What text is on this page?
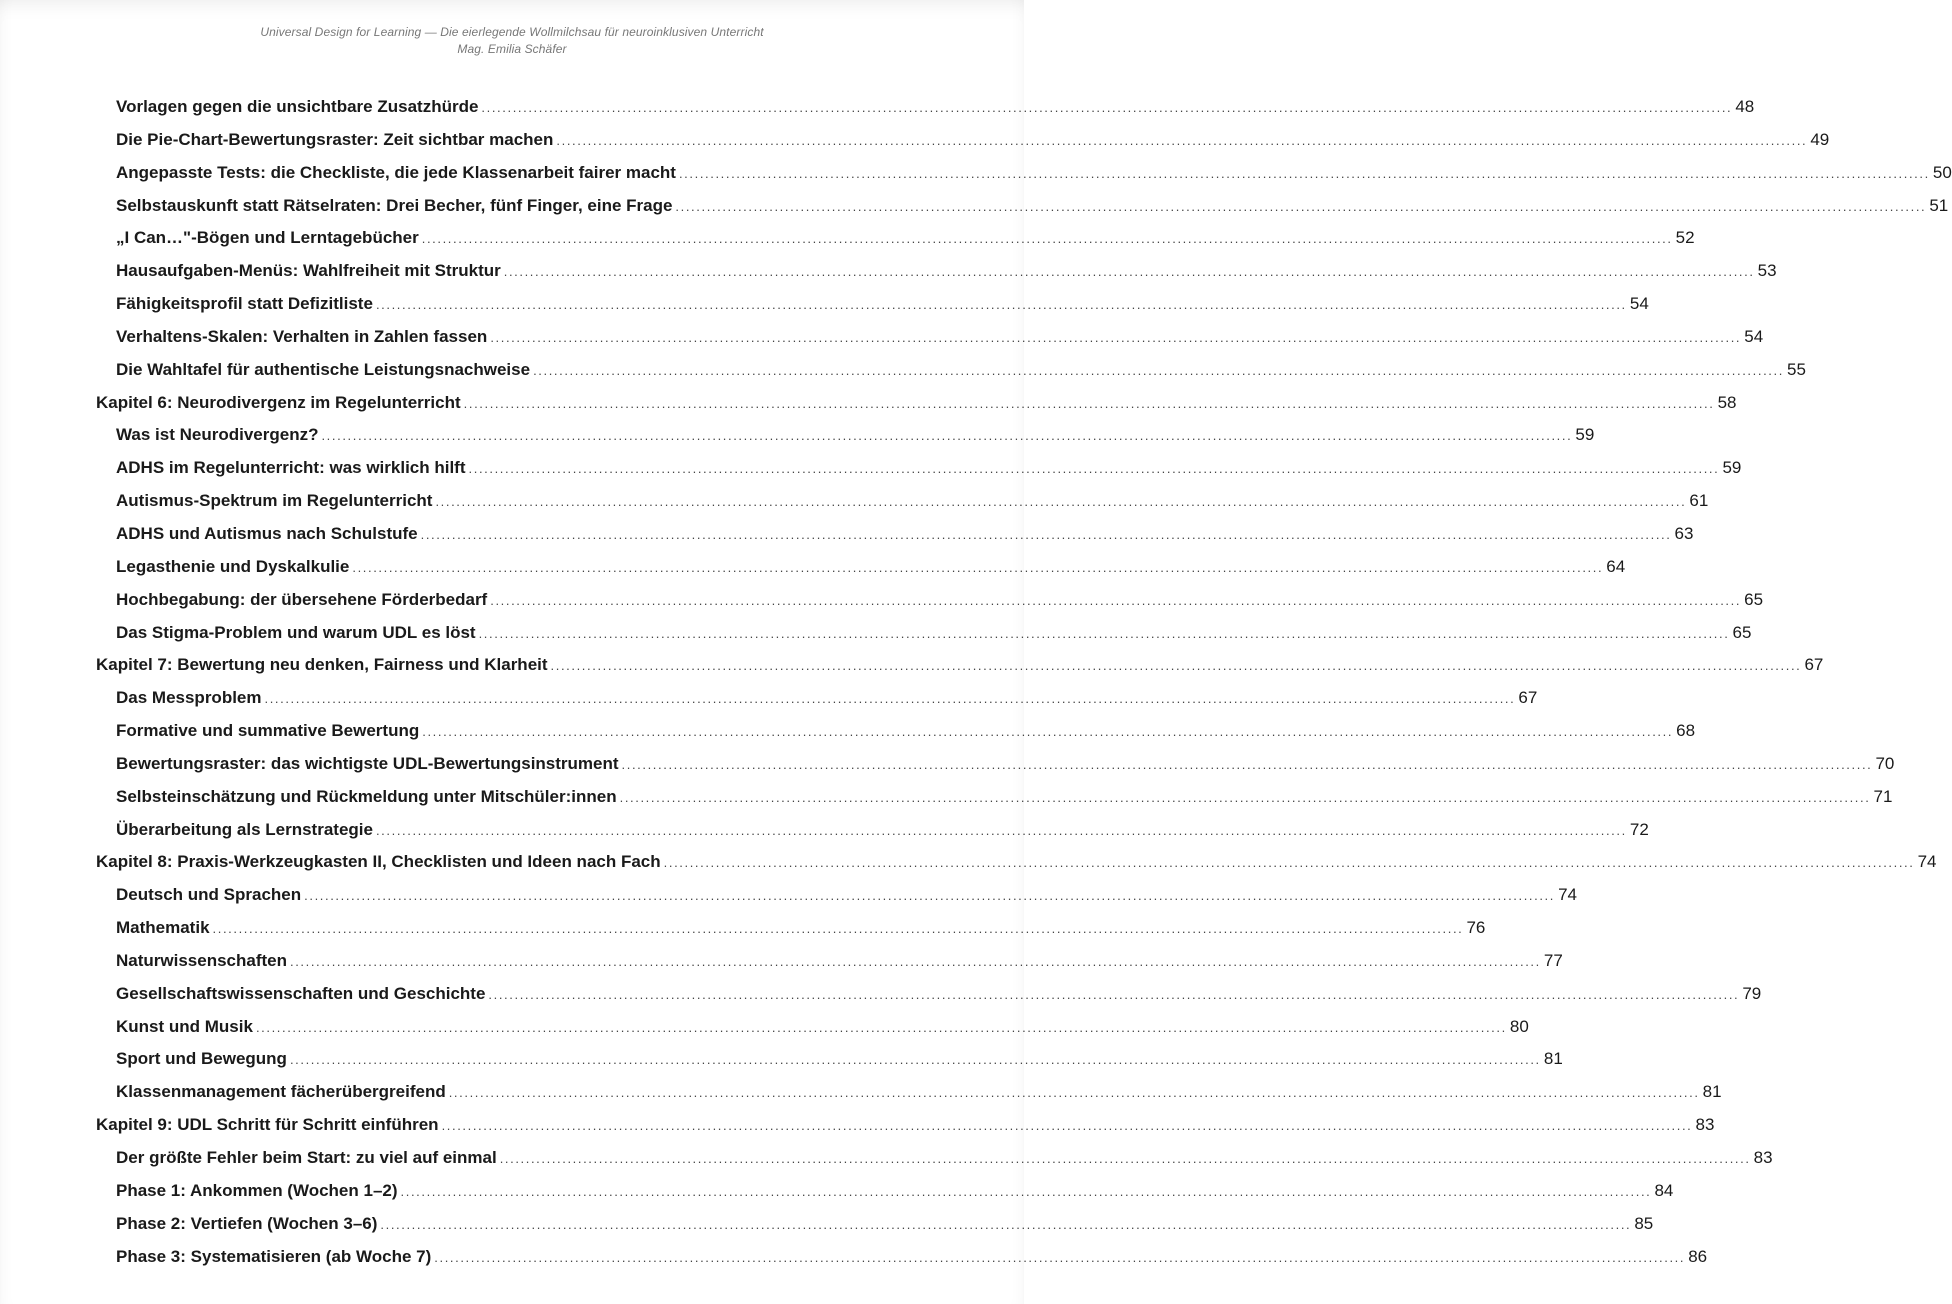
Universal Design for Learning — Die eierlegende Wollmilchsau für neuroinklusiven Unterricht
Mag. Emilia Schäfer
Vorlagen gegen die unsichtbare Zusatzhürde .....	48
Die Pie-Chart-Bewertungsraster: Zeit sichtbar machen .....	49
Angepasste Tests: die Checkliste, die jede Klassenarbeit fairer macht .....	50
Selbstauskunft statt Rätselraten: Drei Becher, fünf Finger, eine Frage .....	51
„I Can…"-Bögen und Lerntagebücher .....	52
Hausaufgaben-Menüs: Wahlfreiheit mit Struktur .....	53
Fähigkeitsprofil statt Defizitliste .....	54
Verhaltens-Skalen: Verhalten in Zahlen fassen .....	54
Die Wahltafel für authentische Leistungsnachweise .....	55
Kapitel 6: Neurodivergenz im Regelunterricht .....	58
Was ist Neurodivergenz? .....	59
ADHS im Regelunterricht: was wirklich hilft .....	59
Autismus-Spektrum im Regelunterricht .....	61
ADHS und Autismus nach Schulstufe .....	63
Legasthenie und Dyskalkulie .....	64
Hochbegabung: der übersehene Förderbedarf .....	65
Das Stigma-Problem und warum UDL es löst .....	65
Kapitel 7: Bewertung neu denken, Fairness und Klarheit .....	67
Das Messproblem .....	67
Formative und summative Bewertung .....	68
Bewertungsraster: das wichtigste UDL-Bewertungsinstrument .....	70
Selbsteinschätzung und Rückmeldung unter Mitschüler:innen .....	71
Überarbeitung als Lernstrategie .....	72
Kapitel 8: Praxis-Werkzeugkasten II, Checklisten und Ideen nach Fach .....	74
Deutsch und Sprachen .....	74
Mathematik .....	76
Naturwissenschaften .....	77
Gesellschaftswissenschaften und Geschichte .....	79
Kunst und Musik .....	80
Sport und Bewegung .....	81
Klassenmanagement fächerübergreifend .....	81
Kapitel 9: UDL Schritt für Schritt einführen .....	83
Der größte Fehler beim Start: zu viel auf einmal .....	83
Phase 1: Ankommen (Wochen 1–2) .....	84
Phase 2: Vertiefen (Wochen 3–6) .....	85
Phase 3: Systematisieren (ab Woche 7) .....	86
